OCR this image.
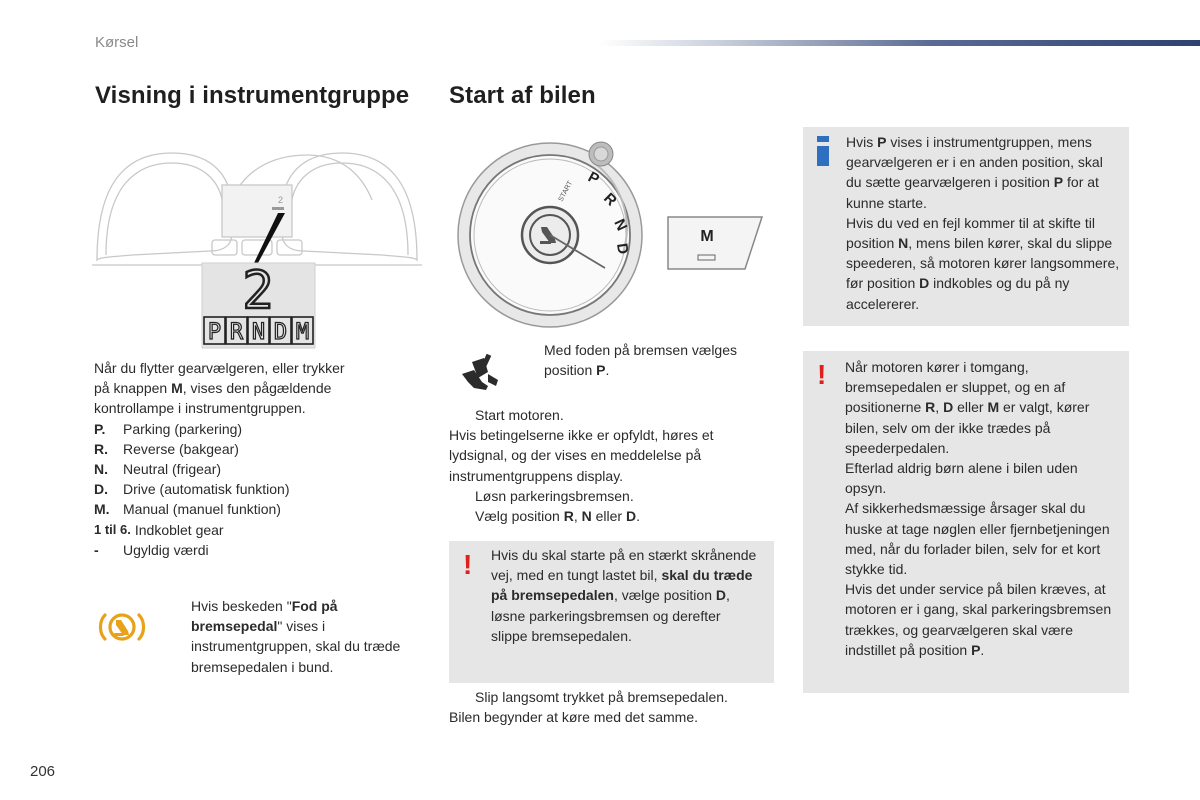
Kørsel
Visning i instrumentgruppe
2
2
P R N D M

Når du flytter gearvælgeren, eller trykker
på knappen M, vises den pågældende
kontrollampe i instrumentgruppen.

P.	Parking (parkering)
R.	Reverse (bakgear)
N.	Neutral (frigear)
D.	Drive (automatisk funktion)
M. Manual (manuel funktion)
1 til 6. Indkoblet gear
-	Ugyldig værdi
Hvis beskeden "Fod på bremsepedal" vises i instrumentgruppen, skal du træde bremsepedalen i bund.
Start af bilen
P
R
N
D
START
M
Med foden på bremsen vælges
position P.
Start motoren.

Hvis betingelserne ikke er opfyldt, høres et lydsignal, og der vises en meddelelse på instrumentgruppens display.

Løsn parkeringsbremsen.
Vælg position R, N eller D.
! Hvis du skal starte på en stærkt skrånende vej, med en tungt lastet bil, skal du træde på bremsepedalen, vælge position D, løsne parkeringsbremsen og derefter slippe bremsepedalen.
Slip langsomt trykket på bremsepedalen.

Bilen begynder at køre med det samme.

Hvis P vises i instrumentgruppen, mens gearvælgeren er i en anden position, skal du sætte gearvælgeren i position P for at kunne starte.
Hvis du ved en fejl kommer til at skifte til position N, mens bilen kører, skal du slippe speederen, så motoren kører langsommere, før position D indkobles og du på ny accelererer.
! Når motoren kører i tomgang, bremsepedalen er sluppet, og en af positionerne R, D eller M er valgt, kører bilen, selv om der ikke trædes på speederpedalen.

Efterlad aldrig børn alene i bilen uden opsyn.

Af sikkerhedsmæssige årsager skal du huske at tage nøglen eller fjernbetjeningen med, når du forlader bilen, selv for et kort stykke tid.

Hvis det under service på bilen kræves, at motoren er i gang, skal parkeringsbremsen trækkes, og gearvælgeren skal være indstillet på position P.

206
